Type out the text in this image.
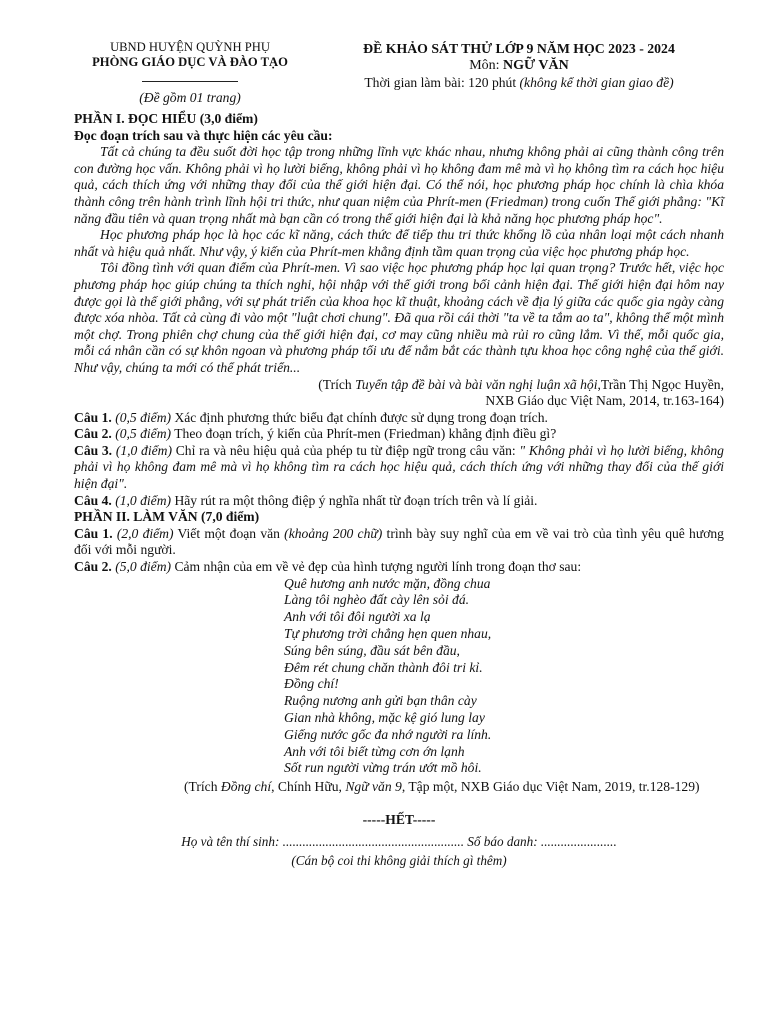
UBND HUYỆN QUỲNH PHỤ
PHÒNG GIÁO DỤC VÀ ĐÀO TẠO
(Đề gồm 01 trang)
ĐỀ KHẢO SÁT THỬ LỚP 9 NĂM HỌC 2023 - 2024
Môn: NGỮ VĂN
Thời gian làm bài: 120 phút (không kể thời gian giao đề)
PHẦN I. ĐỌC HIỂU (3,0 điểm)
Đọc đoạn trích sau và thực hiện các yêu cầu:

Tất cả chúng ta đều suốt đời học tập trong những lĩnh vực khác nhau, nhưng không phải ai cũng thành công trên con đường học vấn. Không phải vì họ lười biếng, không phải vì họ không đam mê mà vì họ không tìm ra cách học hiệu quả, cách thích ứng với những thay đổi của thế giới hiện đại. Có thể nói, học phương pháp học chính là chìa khóa thành công trên hành trình lĩnh hội tri thức, như quan niệm của Phrít-men (Friedman) trong cuốn Thế giới phẳng: "Kĩ năng đầu tiên và quan trọng nhất mà bạn cần có trong thế giới hiện đại là khả năng học phương pháp học".

Học phương pháp học là học các kĩ năng, cách thức để tiếp thu tri thức khổng lồ của nhân loại một cách nhanh nhất và hiệu quả nhất. Như vậy, ý kiến của Phrít-men khẳng định tầm quan trọng của việc học phương pháp học.

Tôi đồng tình với quan điểm của Phrít-men. Vì sao việc học phương pháp học lại quan trọng? Trước hết, việc học phương pháp học giúp chúng ta thích nghi, hội nhập với thế giới trong bối cảnh hiện đại. Thế giới hiện đại hôm nay được gọi là thế giới phẳng, với sự phát triển của khoa học kĩ thuật, khoảng cách về địa lý giữa các quốc gia ngày càng được xóa nhòa. Tất cả cùng đi vào một "luật chơi chung". Đã qua rồi cái thời "ta về ta tắm ao ta", không thể một mình một chợ. Trong phiên chợ chung của thế giới hiện đại, cơ may cũng nhiều mà rủi ro cũng lắm. Vì thế, mỗi quốc gia, mỗi cá nhân cần có sự khôn ngoan và phương pháp tối ưu để nắm bắt các thành tựu khoa học công nghệ của thế giới. Như vậy, chúng ta mới có thể phát triển...

(Trích Tuyển tập đề bài và bài văn nghị luận xã hội,Trần Thị Ngọc Huyền,
NXB Giáo dục Việt Nam, 2014, tr.163-164)

Câu 1. (0,5 điểm) Xác định phương thức biểu đạt chính được sử dụng trong đoạn trích.

Câu 2. (0,5 điểm) Theo đoạn trích, ý kiến của Phrít-men (Friedman) khẳng định điều gì?

Câu 3. (1,0 điểm) Chỉ ra và nêu hiệu quả của phép tu từ điệp ngữ trong câu văn: " Không phải vì họ lười biếng, không phải vì họ không đam mê mà vì họ không tìm ra cách học hiệu quả, cách thích ứng với những thay đổi của thế giới hiện đại".

Câu 4. (1,0 điểm) Hãy rút ra một thông điệp ý nghĩa nhất từ đoạn trích trên và lí giải.

PHẦN II. LÀM VĂN (7,0 điểm)

Câu 1. (2,0 điểm) Viết một đoạn văn (khoảng 200 chữ) trình bày suy nghĩ của em về vai trò của tình yêu quê hương đối với mỗi người.

Câu 2. (5,0 điểm) Cảm nhận của em về vẻ đẹp của hình tượng người lính trong đoạn thơ sau:

Quê hương anh nước mặn, đồng chua
Làng tôi nghèo đất cày lên sỏi đá.
Anh với tôi đôi người xa lạ
Tự phương trời chẳng hẹn quen nhau,
Súng bên súng, đầu sát bên đầu,
Đêm rét chung chăn thành đôi tri kỉ.
Đồng chí!
Ruộng nương anh gửi bạn thân cày
Gian nhà không, mặc kệ gió lung lay
Giếng nước gốc đa nhớ người ra lính.
Anh với tôi biết từng cơn ớn lạnh
Sốt run người vừng trán ướt mồ hôi.

(Trích Đồng chí, Chính Hữu, Ngữ văn 9, Tập một, NXB Giáo dục Việt Nam, 2019, tr.128-129)

-----HẾT-----
Họ và tên thí sinh: ....................................................... Số báo danh: .......................
(Cán bộ coi thi không giải thích gì thêm)
